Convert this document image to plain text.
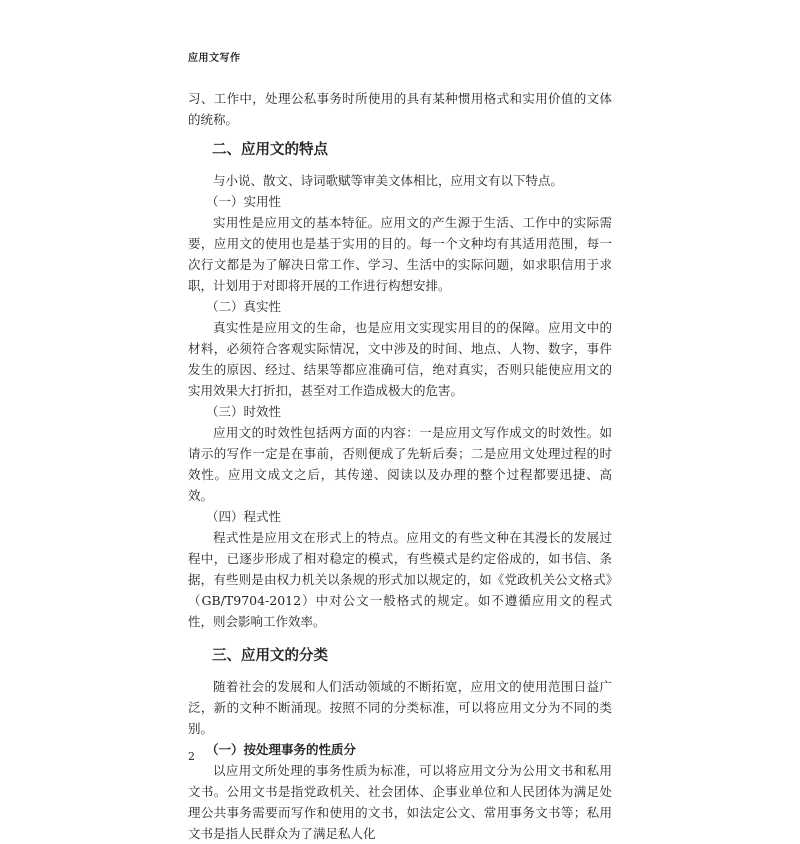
应用文写作

习、工作中，处理公私事务时所使用的具有某种惯用格式和实用价值的文体的统称。

二、应用文的特点

与小说、散文、诗词歌赋等审美文体相比，应用文有以下特点。

（一）实用性

实用性是应用文的基本特征。应用文的产生源于生活、工作中的实际需要，应用文的使用也是基于实用的目的。每一个文种均有其适用范围，每一次行文都是为了解决日常工作、学习、生活中的实际问题，如求职信用于求职，计划用于对即将开展的工作进行构想安排。

（二）真实性

真实性是应用文的生命，也是应用文实现实用目的的保障。应用文中的材料，必须符合客观实际情况，文中涉及的时间、地点、人物、数字，事件发生的原因、经过、结果等都应准确可信，绝对真实，否则只能使应用文的实用效果大打折扣，甚至对工作造成极大的危害。

（三）时效性

应用文的时效性包括两方面的内容：一是应用文写作成文的时效性。如请示的写作一定是在事前，否则便成了先斩后奏；二是应用文处理过程的时效性。应用文成文之后，其传递、阅读以及办理的整个过程都要迅捷、高效。

（四）程式性

程式性是应用文在形式上的特点。应用文的有些文种在其漫长的发展过程中，已逐步形成了相对稳定的模式，有些模式是约定俗成的，如书信、条据，有些则是由权力机关以条规的形式加以规定的，如《党政机关公文格式》（GB/T9704-2012）中对公文一般格式的规定。如不遵循应用文的程式性，则会影响工作效率。

三、应用文的分类

随着社会的发展和人们活动领域的不断拓宽，应用文的使用范围日益广泛，新的文种不断涌现。按照不同的分类标准，可以将应用文分为不同的类别。

（一）按处理事务的性质分

以应用文所处理的事务性质为标准，可以将应用文分为公用文书和私用文书。公用文书是指党政机关、社会团体、企事业单位和人民团体为满足处理公共事务需要而写作和使用的文书，如法定公文、常用事务文书等；私用文书是指人民群众为了满足私人化

2
